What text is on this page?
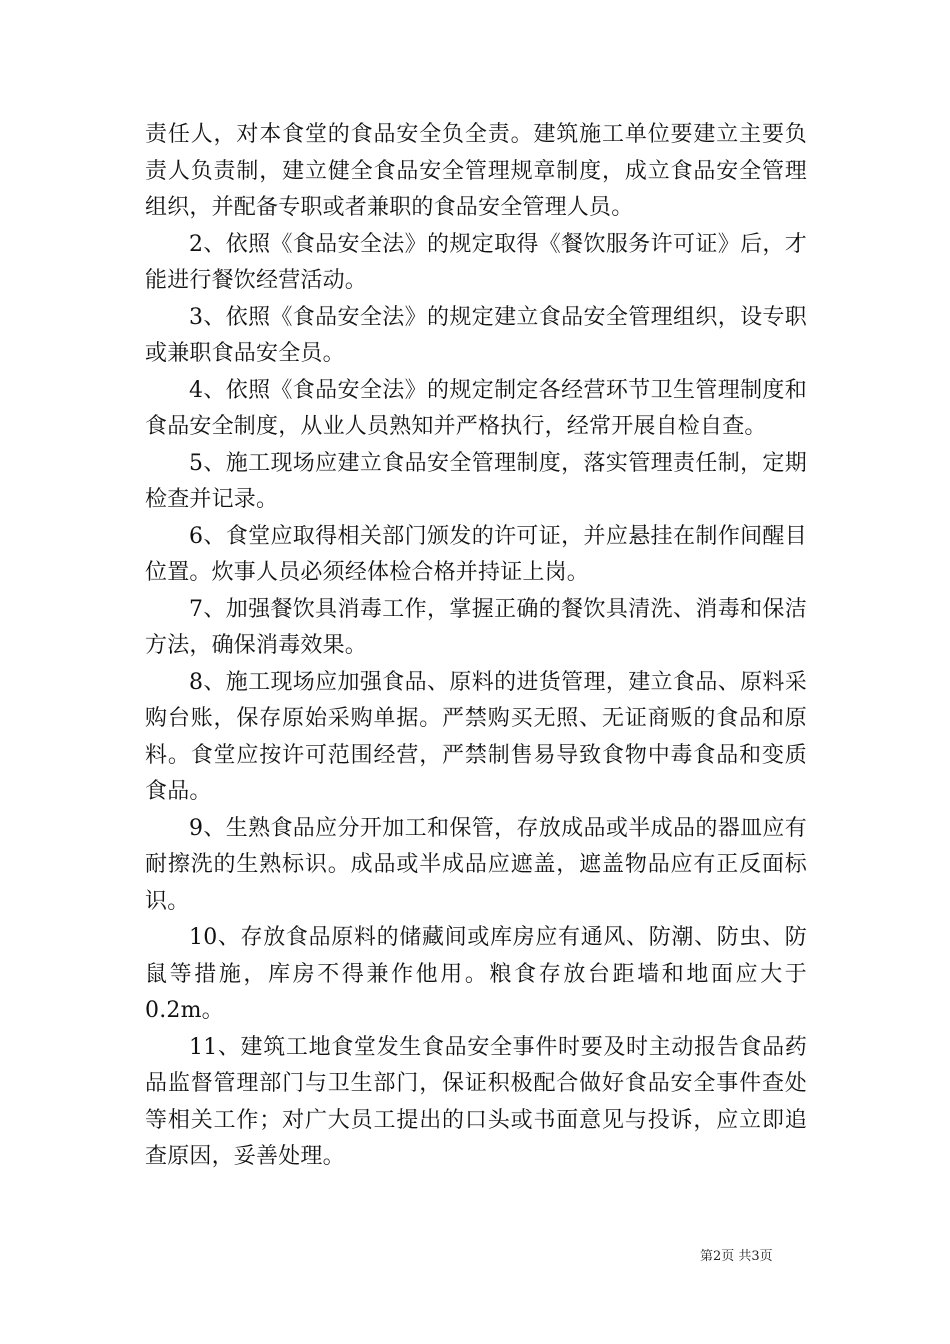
责任人，对本食堂的食品安全负全责。建筑施工单位要建立主要负责人负责制，建立健全食品安全管理规章制度，成立食品安全管理组织，并配备专职或者兼职的食品安全管理人员。

2、依照《食品安全法》的规定取得《餐饮服务许可证》后，才能进行餐饮经营活动。

3、依照《食品安全法》的规定建立食品安全管理组织，设专职或兼职食品安全员。

4、依照《食品安全法》的规定制定各经营环节卫生管理制度和食品安全制度，从业人员熟知并严格执行，经常开展自检自查。

5、施工现场应建立食品安全管理制度，落实管理责任制，定期检查并记录。

6、食堂应取得相关部门颁发的许可证，并应悬挂在制作间醒目位置。炊事人员必须经体检合格并持证上岗。

7、加强餐饮具消毒工作，掌握正确的餐饮具清洗、消毒和保洁方法，确保消毒效果。

8、施工现场应加强食品、原料的进货管理，建立食品、原料采购台账，保存原始采购单据。严禁购买无照、无证商贩的食品和原料。食堂应按许可范围经营，严禁制售易导致食物中毒食品和变质食品。

9、生熟食品应分开加工和保管，存放成品或半成品的器皿应有耐擦洗的生熟标识。成品或半成品应遮盖，遮盖物品应有正反面标识。

10、存放食品原料的储藏间或库房应有通风、防潮、防虫、防鼠等措施，库房不得兼作他用。粮食存放台距墙和地面应大于0.2m。

11、建筑工地食堂发生食品安全事件时要及时主动报告食品药品监督管理部门与卫生部门，保证积极配合做好食品安全事件查处等相关工作；对广大员工提出的口头或书面意见与投诉，应立即追查原因，妥善处理。

第2页 共3页
